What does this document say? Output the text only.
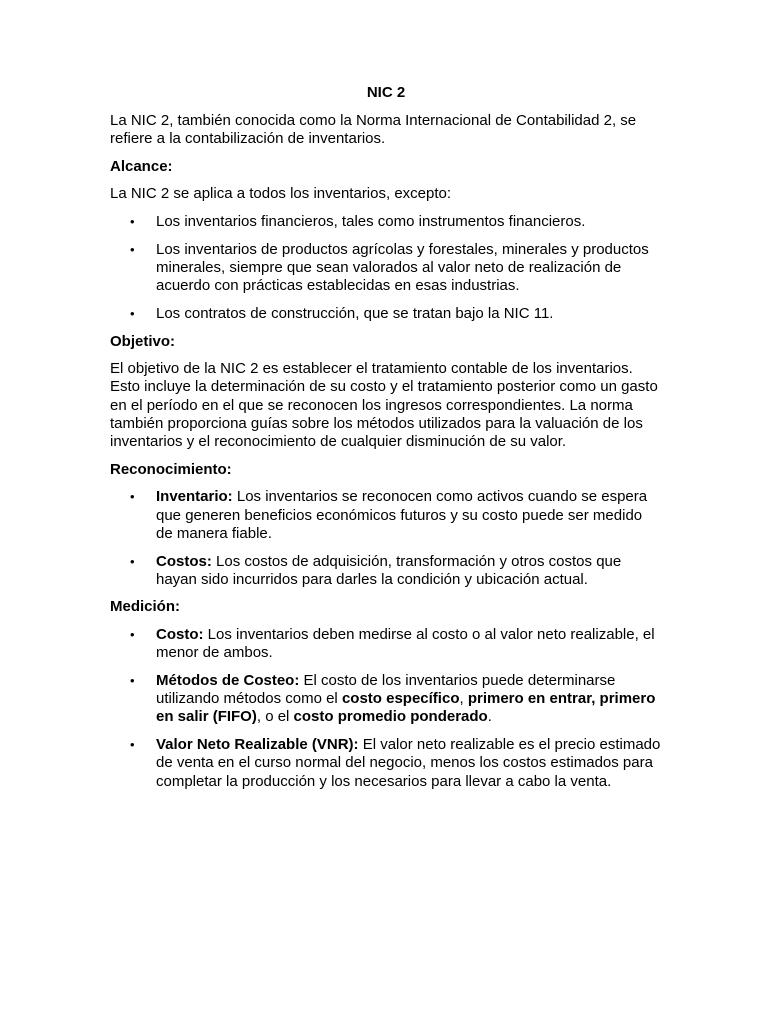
NIC 2

La NIC 2, también conocida como la Norma Internacional de Contabilidad 2, se refiere a la contabilización de inventarios.

Alcance:

La NIC 2 se aplica a todos los inventarios, excepto:

• Los inventarios financieros, tales como instrumentos financieros.
• Los inventarios de productos agrícolas y forestales, minerales y productos minerales, siempre que sean valorados al valor neto de realización de acuerdo con prácticas establecidas en esas industrias.
• Los contratos de construcción, que se tratan bajo la NIC 11.
Objetivo:

El objetivo de la NIC 2 es establecer el tratamiento contable de los inventarios. Esto incluye la determinación de su costo y el tratamiento posterior como un gasto en el período en el que se reconocen los ingresos correspondientes. La norma también proporciona guías sobre los métodos utilizados para la valuación de los inventarios y el reconocimiento de cualquier disminución de su valor.

Reconocimiento:
• Inventario: Los inventarios se reconocen como activos cuando se espera que generen beneficios económicos futuros y su costo puede ser medido de manera fiable.
• Costos: Los costos de adquisición, transformación y otros costos que hayan sido incurridos para darles la condición y ubicación actual.
Medición:
• Costo: Los inventarios deben medirse al costo o al valor neto realizable, el menor de ambos.
• Métodos de Costeo: El costo de los inventarios puede determinarse utilizando métodos como el costo específico, primero en entrar, primero en salir (FIFO), o el costo promedio ponderado.
• Valor Neto Realizable (VNR): El valor neto realizable es el precio estimado de venta en el curso normal del negocio, menos los costos estimados para completar la producción y los necesarios para llevar a cabo la venta.
